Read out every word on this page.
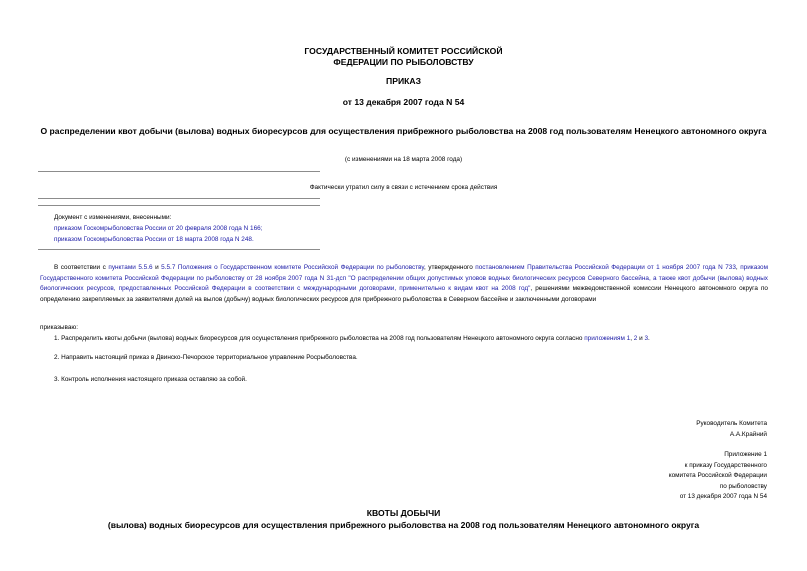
ГОСУДАРСТВЕННЫЙ КОМИТЕТ РОССИЙСКОЙ
ФЕДЕРАЦИИ ПО РЫБОЛОВСТВУ
ПРИКАЗ
от 13 декабря 2007 года N 54
О распределении квот добычи (вылова) водных биоресурсов для осуществления прибрежного рыболовства на 2008 год пользователям Ненецкого автономного округа
(с изменениями на 18 марта 2008 года)
Фактически утратил силу в связи с истечением срока действия
Документ с изменениями, внесенными:
приказом Госкомрыболовства России от 20 февраля 2008 года N 166;
приказом Госкомрыболовства России от 18 марта 2008 года N 248.
В соответствии с пунктами 5.5.6 и 5.5.7 Положения о Государственном комитете Российской Федерации по рыболовству, утвержденного постановлением Правительства Российской Федерации от 1 ноября 2007 года N 733, приказом Государственного комитета Российской Федерации по рыболовству от 28 ноября 2007 года N 31-дсп "О распределении общих допустимых уловов водных биологических ресурсов Северного бассейна, а также квот добычи (вылова) водных биологических ресурсов, предоставленных Российской Федерации в соответствии с международными договорами, применительно к видам квот на 2008 год", решениями межведомственной комиссии Ненецкого автономного округа по определению закрепляемых за заявителями долей на вылов (добычу) водных биологических ресурсов для прибрежного рыболовства в Северном бассейне и заключенными договорами
приказываю:
1. Распределить квоты добычи (вылова) водных биоресурсов для осуществления прибрежного рыболовства на 2008 год пользователям Ненецкого автономного округа согласно приложениям 1, 2 и 3.
2. Направить настоящий приказ в Двинско-Печорское территориальное управление Росрыболовства.
3. Контроль исполнения настоящего приказа оставляю за собой.
Руководитель Комитета
А.А.Крайний
Приложение 1
к приказу Государственного
комитета Российской Федерации
по рыболовству
от 13 декабря 2007 года N 54
КВОТЫ ДОБЫЧИ
(вылова) водных биоресурсов для осуществления прибрежного рыболовства на 2008 год пользователям Ненецкого автономного округа
